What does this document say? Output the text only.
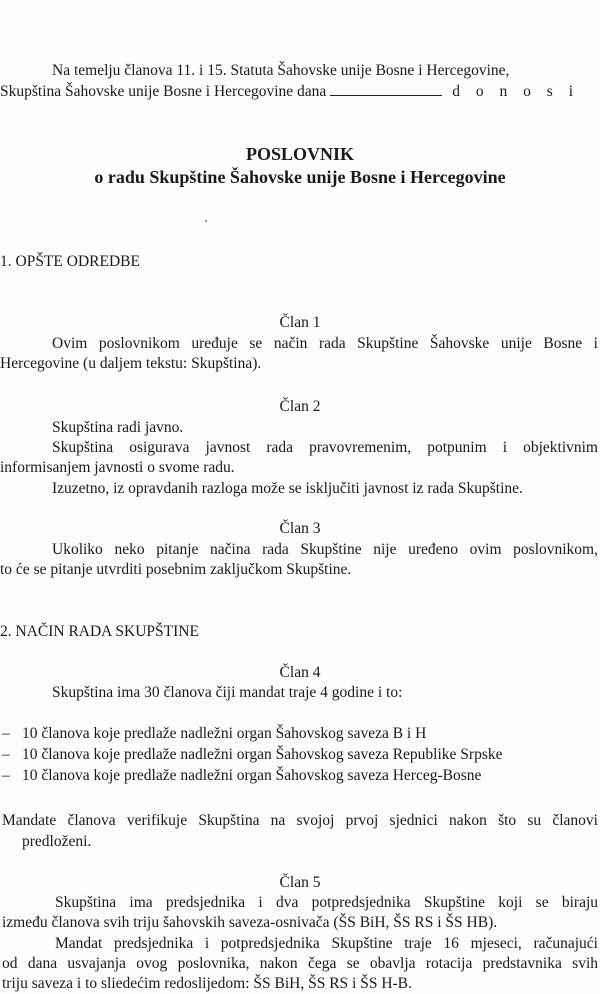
Na temelju članova 11. i 15. Statuta Šahovske unije Bosne i Hercegovine,

Skupština Šahovske unije Bosne i Hercegovine dana	d o n o s i

POSLOVNIK

o radu Skupštine Šahovske unije Bosne i Hercegovine

1. OPŠTE ODREDBE

Član 1

Ovim poslovnikom uređuje se način rada Skupštine Šahovske unije Bosne i

Hercegovine (u daljem tekstu: Skupština).

Član 2

Skupština radi javno.

Skupština osigurava javnost rada pravovremenim, potpunim i objektivnim

informisanjem javnosti o svome radu.

Izuzetno, iz opravdanih razloga može se isključiti javnost iz rada Skupštine.

Član 3

Ukoliko neko pitanje načina rada Skupštine nije uređeno ovim poslovnikom,

to će se pitanje utvrditi posebnim zaključkom Skupštine.

2. NAČIN RADA SKUPŠTINE

Član 4

Skupština ima 30 članova čiji mandat traje 4 godine i to:

– 10 članova koje predlaže nadležni organ Šahovskog saveza B i H

– 10 članova koje predlaže nadležni organ Šahovskog saveza Republike Srpske

– 10 članova koje predlaže nadležni organ Šahovskog saveza Herceg-Bosne

Mandate članova verifikuje Skupština na svojoj prvoj sjednici nakon što su članovi

predloženi.

Član 5

Skupština ima predsjednika i dva potpredsjednika Skupštine koji se biraju

između članova svih triju šahovskih saveza-osnivača (ŠS BiH, ŠS RS i ŠS HB).

Mandat predsjednika i potpredsjednika Skupštine traje 16 mjeseci, računajući
od dana usvajanja ovog poslovnika, nakon čega se obavlja rotacija predstavnika svih

triju saveza i to sliedećim redoslijedom: ŠS BiH, ŠS RS i ŠS H-B.
